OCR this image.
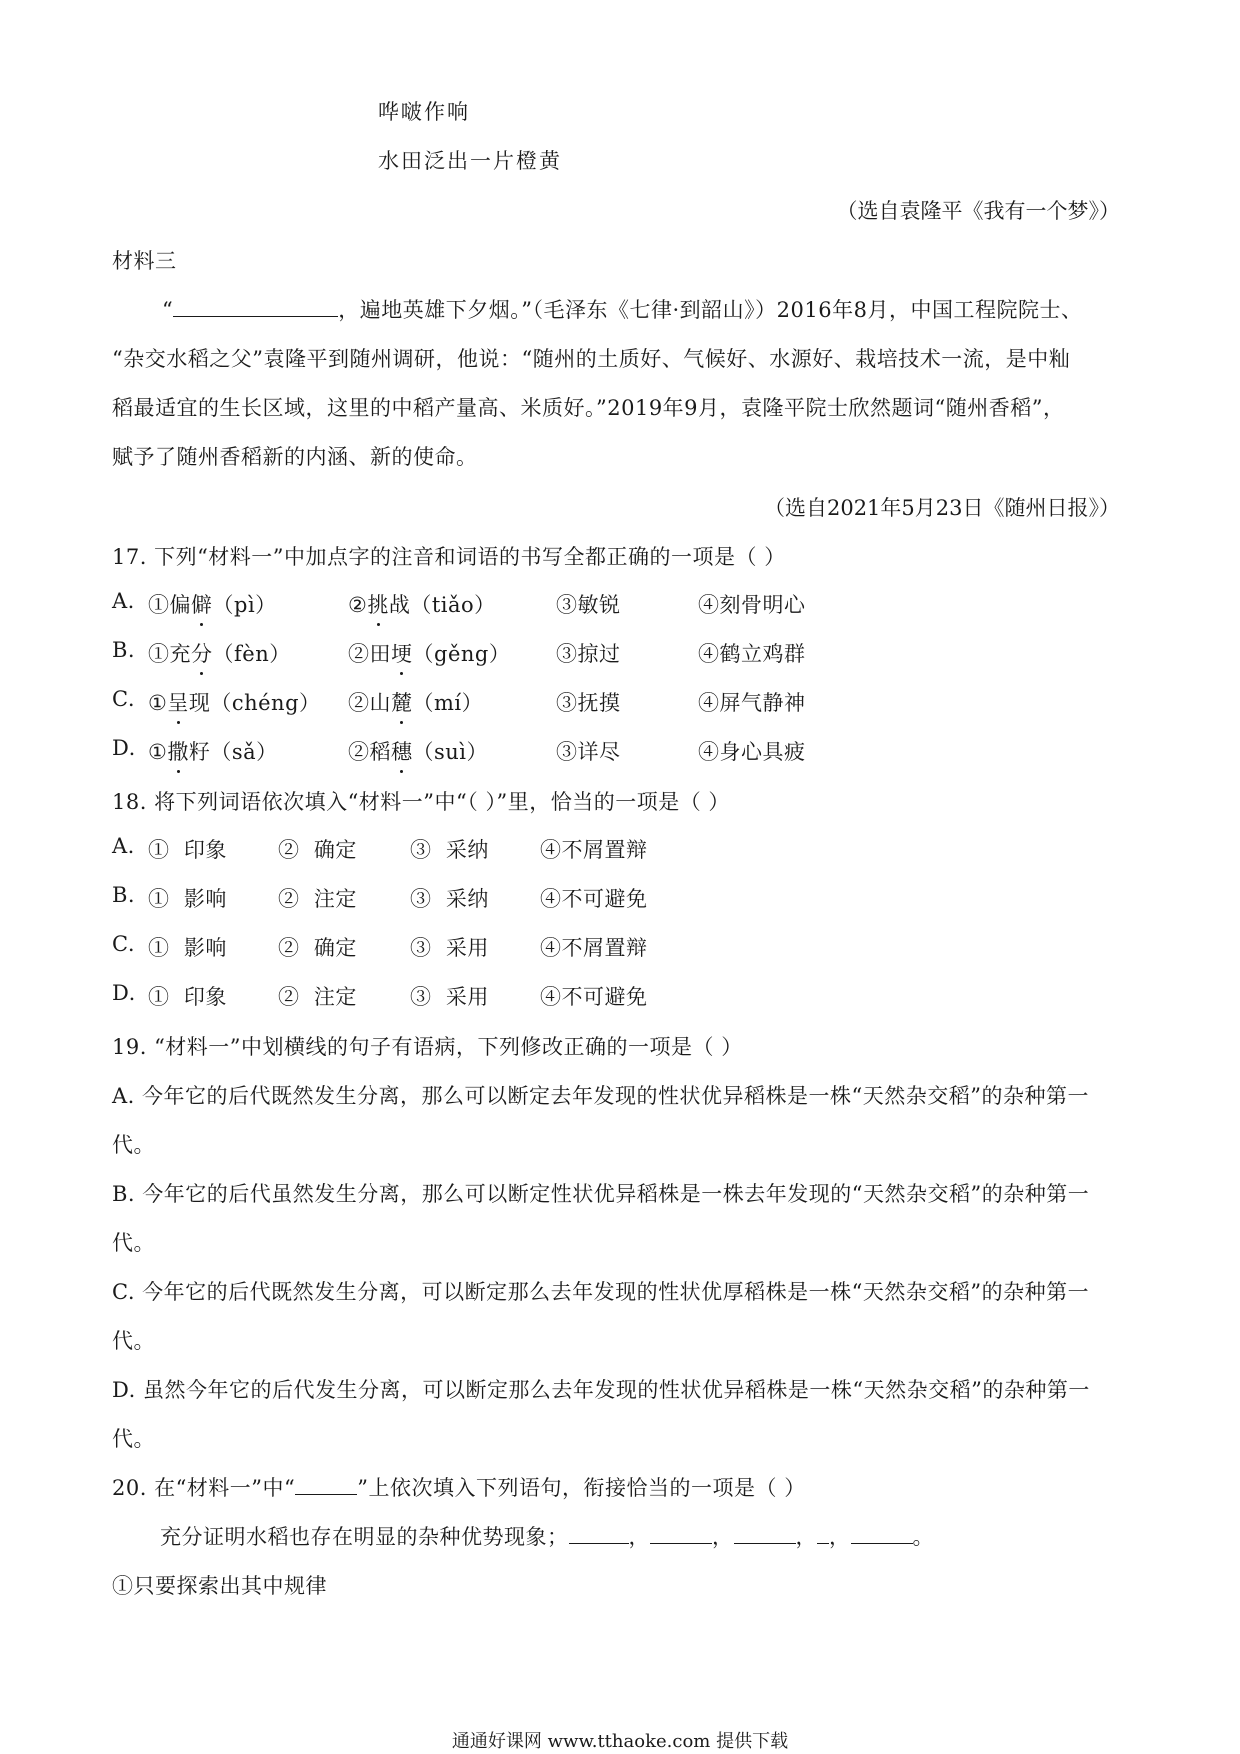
哗啵作响
水田泛出一片橙黄
（选自袁隆平《我有一个梦》）
材料三
“	，遍地英雄下夕烟。”（毛泽东《七律·到韶山》）2016年8月，中国工程院院士、
“杂交水稻之父”袁隆平到随州调研，他说：“随州的土质好、气候好、水源好、栽培技术一流，是中籼
稻最适宜的生长区域，这里的中稻产量高、米质好。”2019年9月，袁隆平院士欣然题词“随州香稻”，
赋予了随州香稻新的内涵、新的使命。
（选自2021年5月23日《随州日报》）
17. 下列“材料一”中加点字的注音和词语的书写全都正确的一项是（ ）
A. ①偏僻（pì）	②挑战（tiǎo）	③敏锐	④刻骨明心
B. ①充分（fèn）	②田埂（gěng） ③掠过	④鹤立鸡群
C. ①呈现（chéng） ②山麓（mí）	③抚摸	④屏气静神
D. ①撒籽（sǎ）	②稻穗（suì）	③详尽	④身心具疲
18. 将下列词语依次填入“材料一”中“（ ）”里，恰当的一项是（ ）
A. ①  印象 ②  确定	③  采纳 ④不屑置辩
B. ①  影响 ②  注定	③  采纳 ④不可避免
C. ①  影响 ②  确定	③  采用 ④不屑置辩
D. ①  印象 ②  注定	③  采用 ④不可避免
19. “材料一”中划横线的句子有语病，下列修改正确的一项是（ ）
A. 今年它的后代既然发生分离，那么可以断定去年发现的性状优异稻株是一株“天然杂交稻”的杂种第一
代。
B. 今年它的后代虽然发生分离，那么可以断定性状优异稻株是一株去年发现的“天然杂交稻”的杂种第一
代。
C. 今年它的后代既然发生分离，可以断定那么去年发现的性状优厚稻株是一株“天然杂交稻”的杂种第一
代。
D. 虽然今年它的后代发生分离，可以断定那么去年发现的性状优异稻株是一株“天然杂交稻”的杂种第一
代。
20. 在“材料一”中“	”上依次填入下列语句，衔接恰当的一项是（ ）
充分证明水稻也存在明显的杂种优势现象；	，	，	， ，	。
①只要探索出其中规律
通通好课网 www.tthaoke.com 提供下载
